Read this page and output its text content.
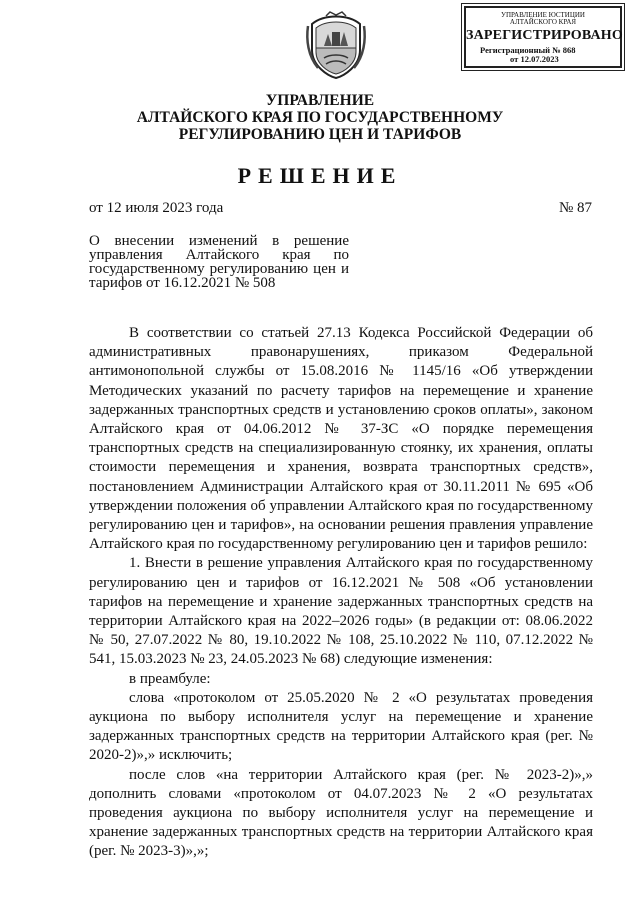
УПРАВЛЕНИЕ ЮСТИЦИИ
АЛТАЙСКОГО КРАЯ
ЗАРЕГИСТРИРОВАНО
Регистрационный № 868
от 12.07.2023
УПРАВЛЕНИЕ
АЛТАЙСКОГО КРАЯ ПО ГОСУДАРСТВЕННОМУ
РЕГУЛИРОВАНИЮ ЦЕН И ТАРИФОВ
РЕШЕНИЕ
от 12 июля 2023 года	№ 87
О внесении изменений в решение управления Алтайского края по государственному регулированию цен и тарифов от 16.12.2021 № 508

В соответствии со статьей 27.13 Кодекса Российской Федерации об административных правонарушениях, приказом Федеральной антимонопольной службы от 15.08.2016 № 1145/16 «Об утверждении Методических указаний по расчету тарифов на перемещение и хранение задержанных транспортных средств и установлению сроков оплаты», законом Алтайского края от 04.06.2012 № 37-ЗС «О порядке перемещения транспортных средств на специализированную стоянку, их хранения, оплаты стоимости перемещения и хранения, возврата транспортных средств», постановлением Администрации Алтайского края от 30.11.2011 № 695 «Об утверждении положения об управлении Алтайского края по государственному регулированию цен и тарифов», на основании решения правления управление Алтайского края по государственному регулированию цен и тарифов решило:

1. Внести в решение управления Алтайского края по государственному регулированию цен и тарифов от 16.12.2021 № 508 «Об установлении тарифов на перемещение и хранение задержанных транспортных средств на территории Алтайского края на 2022–2026 годы» (в редакции от: 08.06.2022 № 50, 27.07.2022 № 80, 19.10.2022 № 108, 25.10.2022 № 110, 07.12.2022 № 541, 15.03.2023 № 23, 24.05.2023 № 68) следующие изменения:

в преамбуле:

слова «протоколом от 25.05.2020 № 2 «О результатах проведения аукциона по выбору исполнителя услуг на перемещение и хранение задержанных транспортных средств на территории Алтайского края (рег. № 2020-2)»,» исключить;

после слов «на территории Алтайского края (рег. № 2023-2)»,» дополнить словами «протоколом от 04.07.2023 № 2 «О результатах проведения аукциона по выбору исполнителя услуг на перемещение и хранение задержанных транспортных средств на территории Алтайского края (рег. № 2023-3)»,»;
